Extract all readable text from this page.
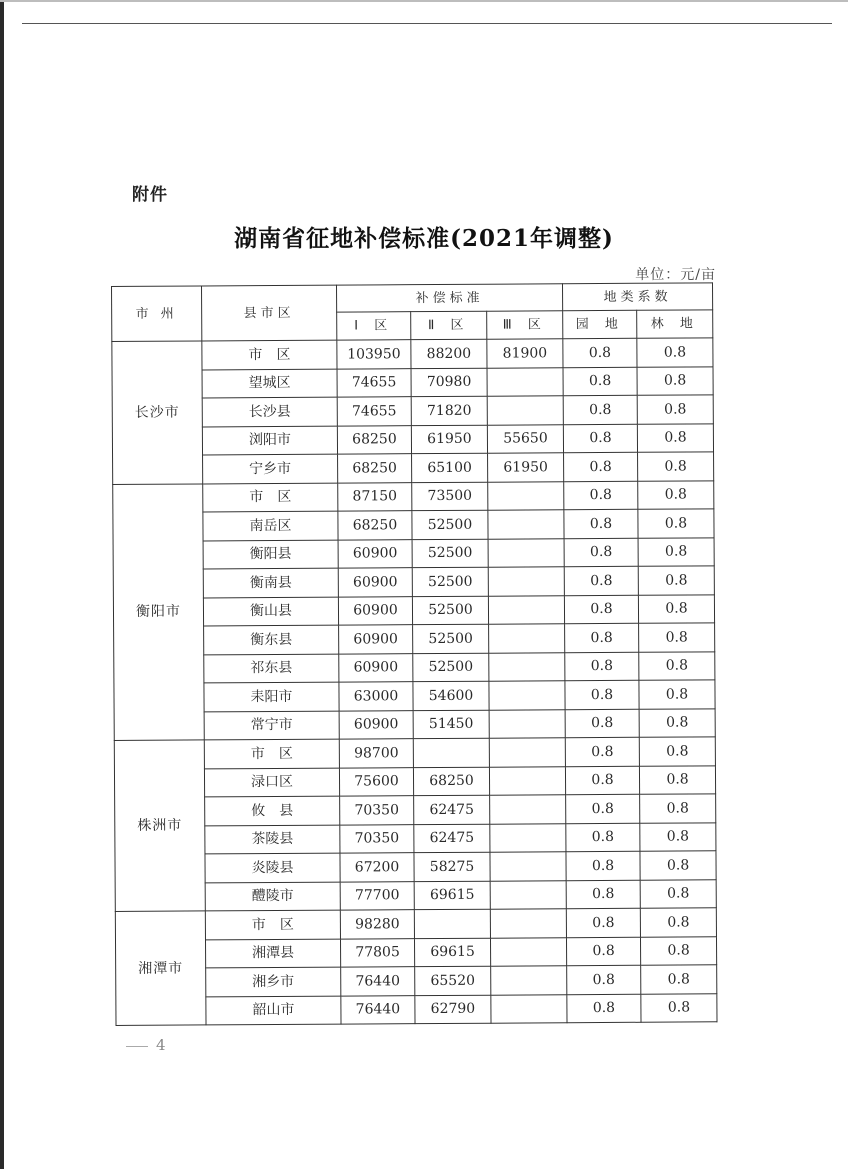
附件
湖南省征地补偿标准(2021年调整)
单位：元/亩
市 州	县市区	补偿标准			地类系数	
		Ⅰ 区	Ⅱ 区	Ⅲ 区	园 地	林 地
长沙市	市　区	103950	88200	81900	0.8	0.8
	望城区	74655	70980		0.8	0.8
	长沙县	74655	71820		0.8	0.8
	浏阳市	68250	61950	55650	0.8	0.8
	宁乡市	68250	65100	61950	0.8	0.8
衡阳市	市　区	87150	73500		0.8	0.8
	南岳区	68250	52500		0.8	0.8
	衡阳县	60900	52500		0.8	0.8
	衡南县	60900	52500		0.8	0.8
	衡山县	60900	52500		0.8	0.8
	衡东县	60900	52500		0.8	0.8
	祁东县	60900	52500		0.8	0.8
	耒阳市	63000	54600		0.8	0.8
	常宁市	60900	51450		0.8	0.8
株洲市	市　区	98700			0.8	0.8
	渌口区	75600	68250		0.8	0.8
	攸　县	70350	62475		0.8	0.8
	茶陵县	70350	62475		0.8	0.8
	炎陵县	67200	58275		0.8	0.8
	醴陵市	77700	69615		0.8	0.8
湘潭市	市　区	98280			0.8	0.8
	湘潭县	77805	69615		0.8	0.8
	湘乡市	76440	65520		0.8	0.8
	韶山市	76440	62790		0.8	0.8
4
